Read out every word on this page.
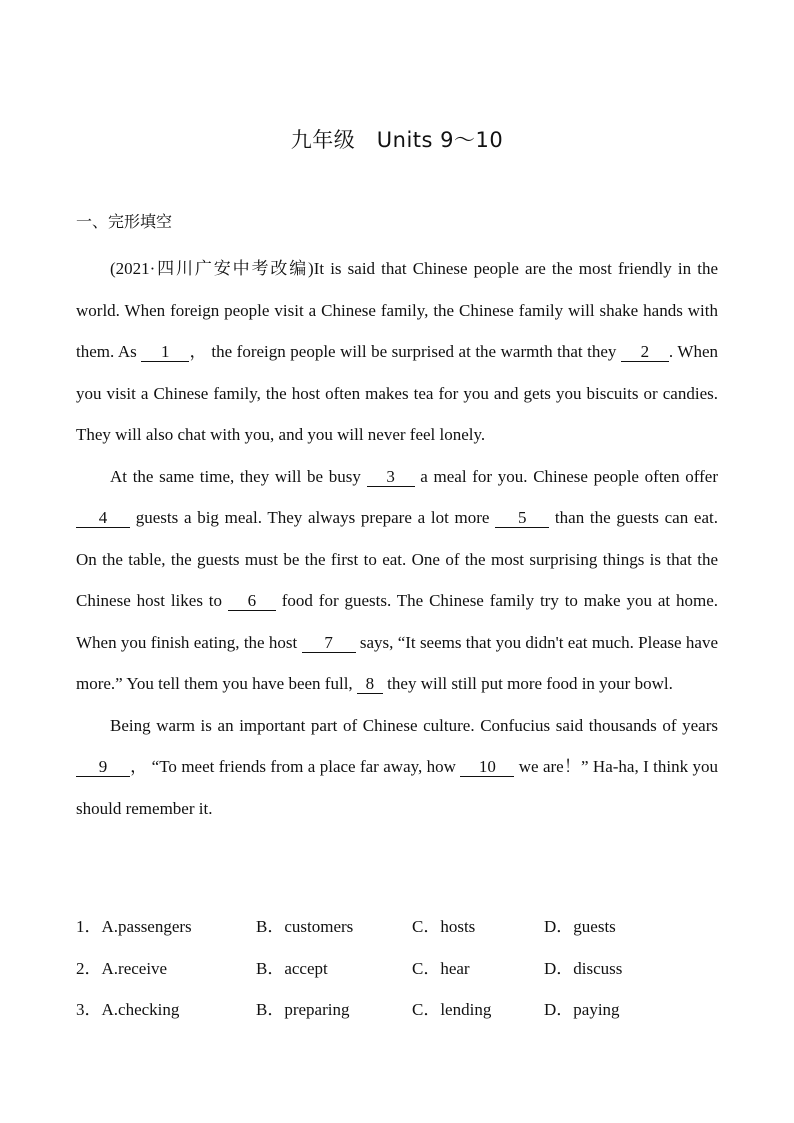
九年级　Units 9～10
一、完形填空

(2021·四川广安中考改编)It is said that Chinese people are the most friendly in the world. When foreign people visit a Chinese family, the Chinese family will shake hands with them. As 1 ， the foreign people will be surprised at the warmth that they 2 . When you visit a Chinese family, the host often makes tea for you and gets you biscuits or candies. They will also chat with you, and you will never feel lonely.

At the same time, they will be busy 3 a meal for you. Chinese people often offer 4 guests a big meal. They always prepare a lot more 5 than the guests can eat. On the table, the guests must be the first to eat. One of the most surprising things is that the Chinese host likes to 6 food for guests. The Chinese family try to make you at home. When you finish eating, the host 7 says, “It seems that you didn't eat much. Please have more.” You tell them you have been full, 8 they will still put more food in your bowl.

Being warm is an important part of Chinese culture. Confucius said thousands of years 9 ， “To meet friends from a place far away, how 10 we are！” Ha-ha, I think you should remember it.

1．A.passengers	B．customers	C．hosts	D．guests
2．A.receive	B．accept	C．hear	D．discuss
3．A.checking	B．preparing	C．lending	D．paying
